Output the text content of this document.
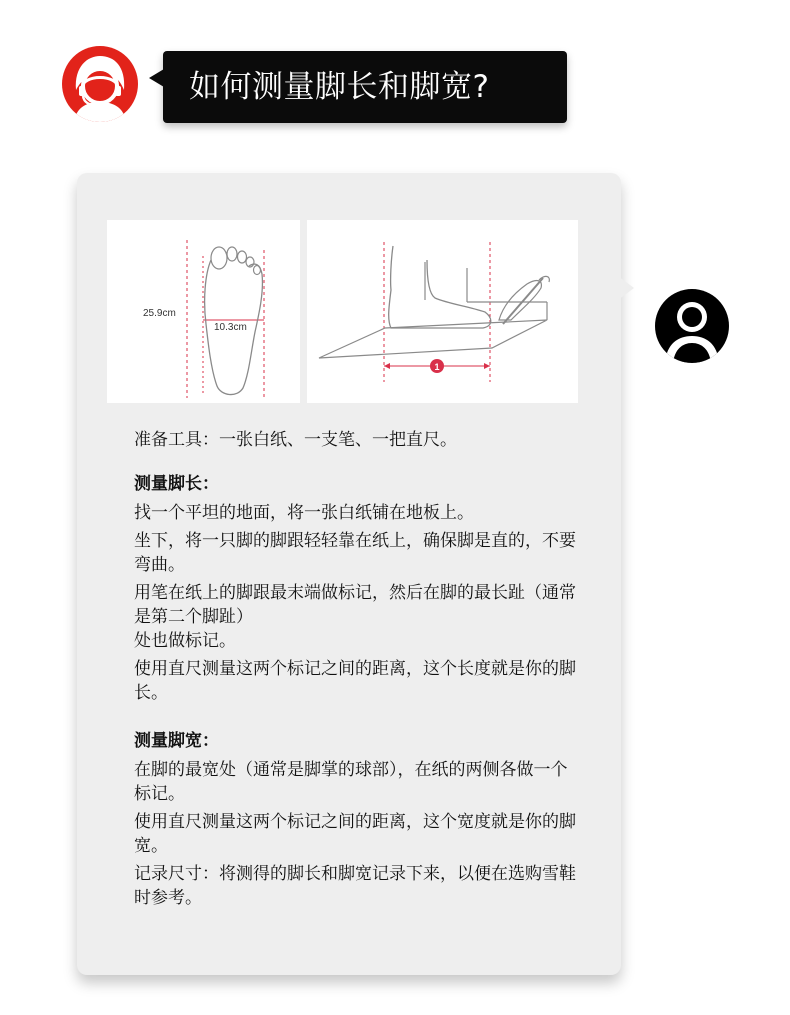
如何测量脚长和脚宽?
25.9cm
10.3cm
1

准备工具：一张白纸、一支笔、一把直尺。

测量脚长：

找一个平坦的地面，将一张白纸铺在地板上。

坐下，将一只脚的脚跟轻轻靠在纸上，确保脚是直的，不要弯曲。

用笔在纸上的脚跟最末端做标记，然后在脚的最长趾（通常是第二个脚趾）

处也做标记。

使用直尺测量这两个标记之间的距离，这个长度就是你的脚长。

测量脚宽：

在脚的最宽处（通常是脚掌的球部），在纸的两侧各做一个标记。

使用直尺测量这两个标记之间的距离，这个宽度就是你的脚宽。

记录尺寸：将测得的脚长和脚宽记录下来，以便在选购雪鞋时参考。
